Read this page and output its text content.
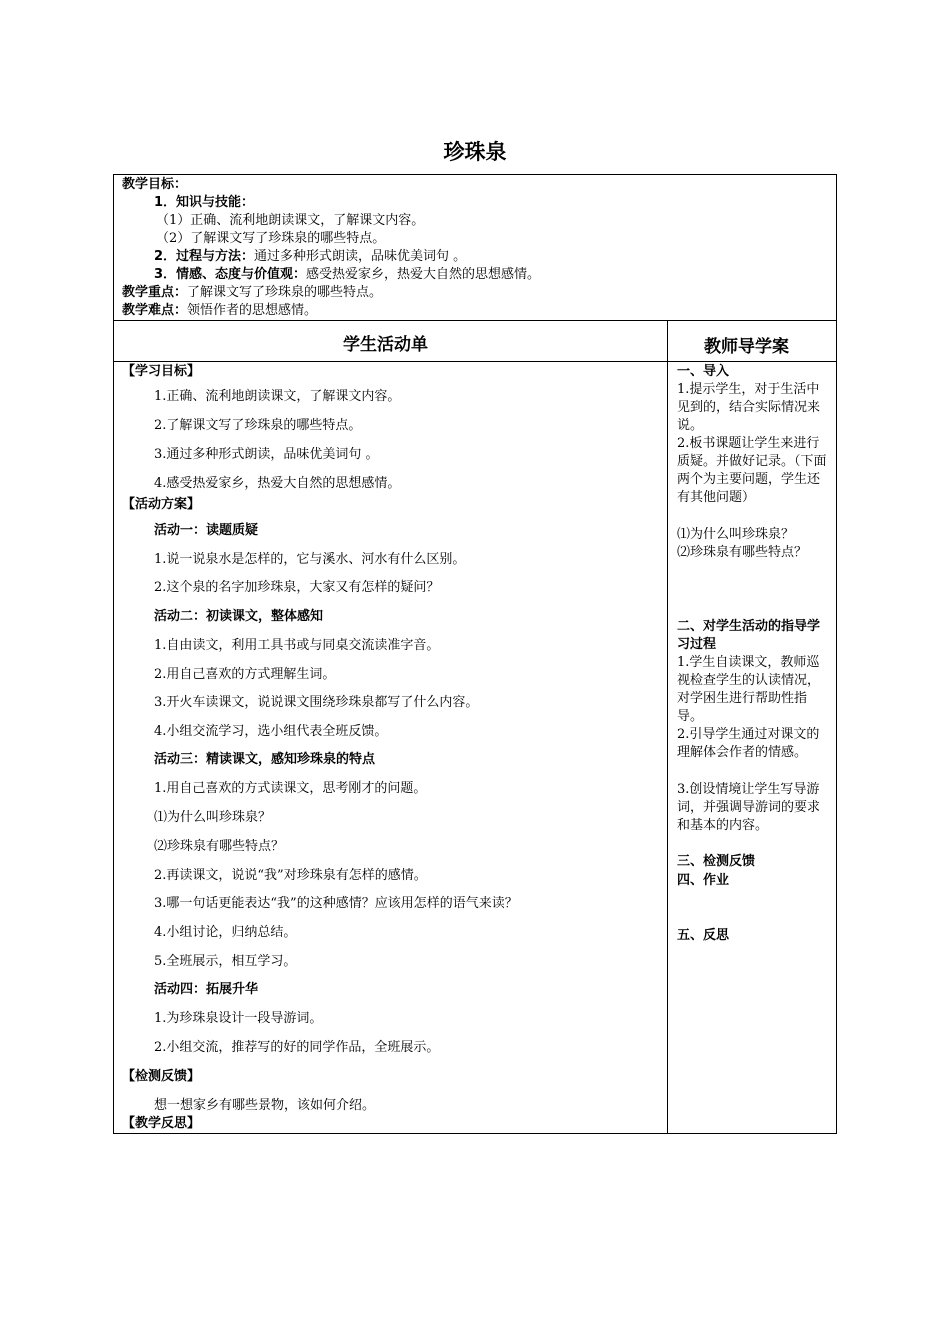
珍珠泉
教学目标：
1．知识与技能：
（1）正确、流利地朗读课文，了解课文内容。
（2）了解课文写了珍珠泉的哪些特点。
2．过程与方法：通过多种形式朗读，品味优美词句 。
3．情感、态度与价值观：感受热爱家乡，热爱大自然的思想感情。
教学重点：了解课文写了珍珠泉的哪些特点。
教学难点：领悟作者的思想感情。
学生活动单	教师导学案
【学习目标】
1.正确、流利地朗读课文，了解课文内容。
2.了解课文写了珍珠泉的哪些特点。
3.通过多种形式朗读，品味优美词句 。
4.感受热爱家乡，热爱大自然的思想感情。
【活动方案】
活动一：读题质疑
1.说一说泉水是怎样的，它与溪水、河水有什么区别。
2.这个泉的名字加珍珠泉，大家又有怎样的疑问？
活动二：初读课文，整体感知
1.自由读文，利用工具书或与同桌交流读准字音。
2.用自己喜欢的方式理解生词。
3.开火车读课文，说说课文围绕珍珠泉都写了什么内容。
4.小组交流学习，选小组代表全班反馈。
活动三：精读课文，感知珍珠泉的特点
1.用自己喜欢的方式读课文，思考刚才的问题。
⑴为什么叫珍珠泉？
⑵珍珠泉有哪些特点？
2.再读课文，说说“我”对珍珠泉有怎样的感情。
3.哪一句话更能表达“我”的这种感情？应该用怎样的语气来读？
4.小组讨论，归纳总结。
5.全班展示，相互学习。
活动四：拓展升华
1.为珍珠泉设计一段导游词。
2.小组交流，推荐写的好的同学作品，全班展示。
【检测反馈】
想一想家乡有哪些景物，该如何介绍。
【教学反思】
一、导入
1.提示学生，对于生活中见到的，结合实际情况来说。
2.板书课题让学生来进行质疑。并做好记录。（下面两个为主要问题，学生还有其他问题）
⑴为什么叫珍珠泉？
⑵珍珠泉有哪些特点？
二、对学生活动的指导学习过程
1.学生自读课文，教师巡视检查学生的认读情况，对学困生进行帮助性指导。
2.引导学生通过对课文的理解体会作者的情感。
3.创设情境让学生写导游词，并强调导游词的要求和基本的内容。
三、检测反馈
四、作业
五、反思
